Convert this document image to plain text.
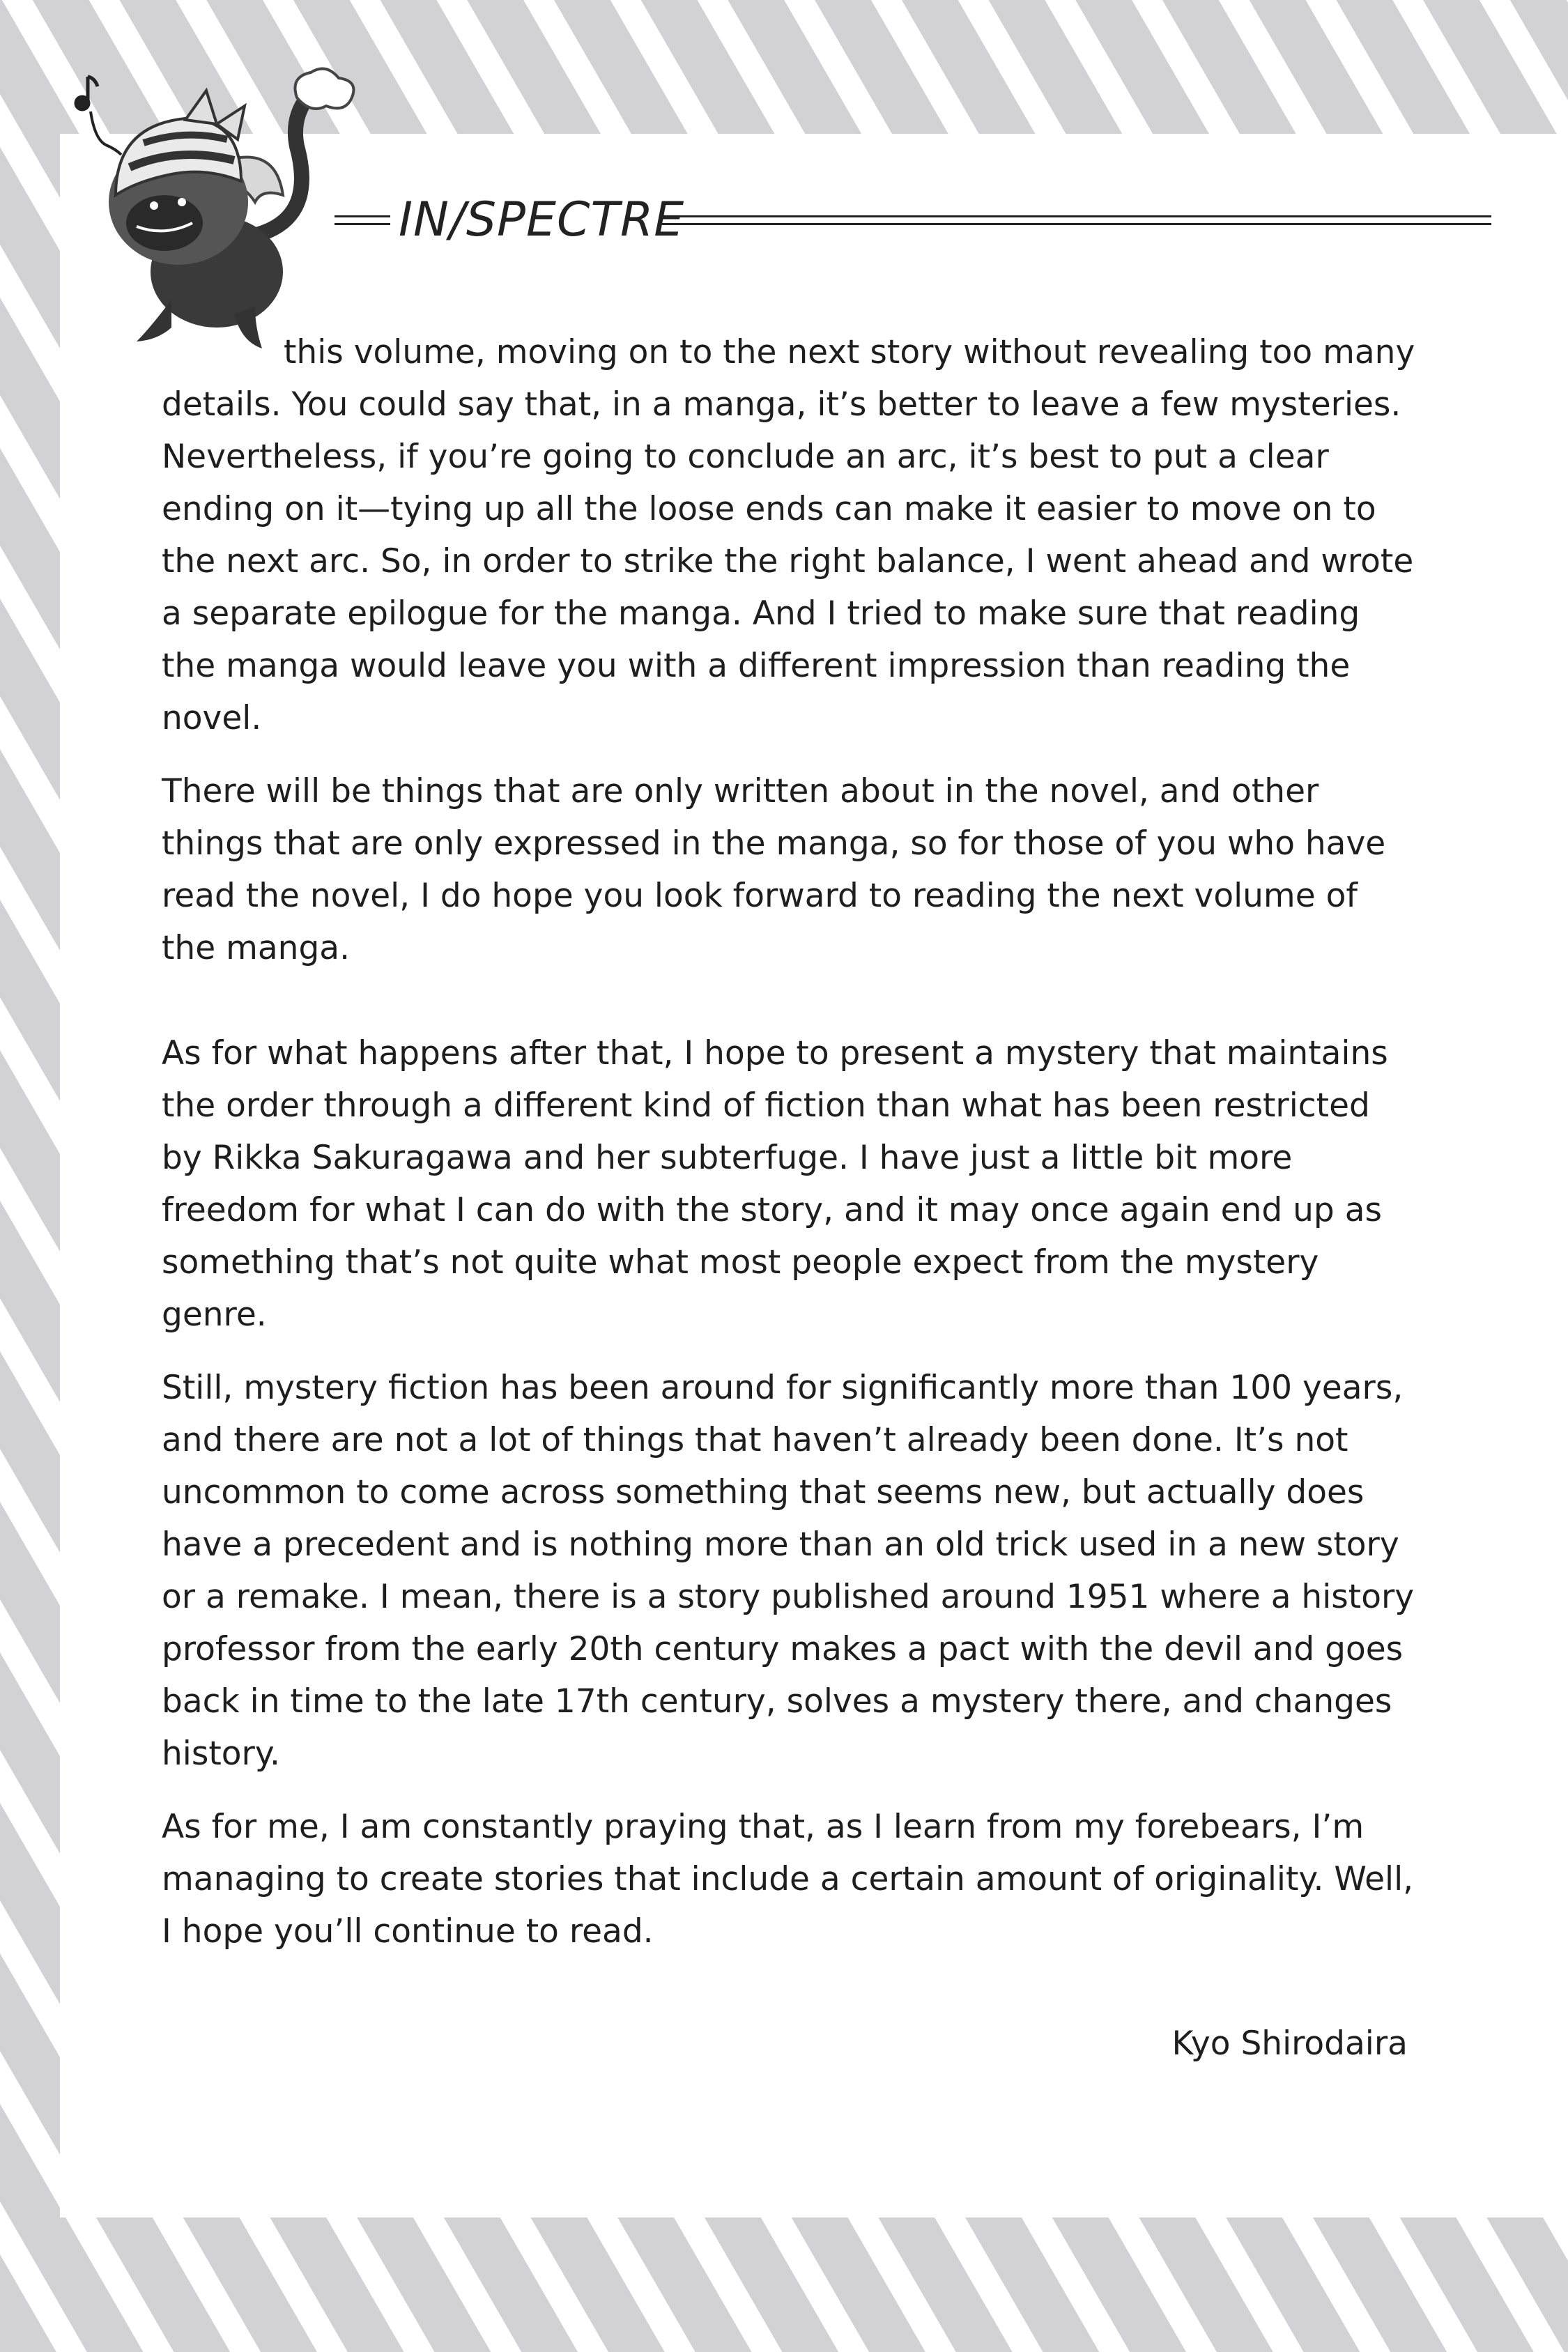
IN/SPECTRE

this volume, moving on to the next story without revealing too many details. You could say that, in a manga, it’s better to leave a few mysteries. Nevertheless, if you’re going to conclude an arc, it’s best to put a clear ending on it—tying up all the loose ends can make it easier to move on to the next arc. So, in order to strike the right balance, I went ahead and wrote a separate epilogue for the manga. And I tried to make sure that reading the manga would leave you with a different impression than reading the novel.

There will be things that are only written about in the novel, and other things that are only expressed in the manga, so for those of you who have read the novel, I do hope you look forward to reading the next volume of the manga.

As for what happens after that, I hope to present a mystery that maintains the order through a different kind of fiction than what has been restricted by Rikka Sakuragawa and her subterfuge. I have just a little bit more freedom for what I can do with the story, and it may once again end up as something that’s not quite what most people expect from the mystery genre.

Still, mystery fiction has been around for significantly more than 100 years, and there are not a lot of things that haven’t already been done. It’s not uncommon to come across something that seems new, but actually does have a precedent and is nothing more than an old trick used in a new story or a remake. I mean, there is a story published around 1951 where a history professor from the early 20th century makes a pact with the devil and goes back in time to the late 17th century, solves a mystery there, and changes history.

As for me, I am constantly praying that, as I learn from my forebears, I’m managing to create stories that include a certain amount of originality. Well, I hope you’ll continue to read.

Kyo Shirodaira
